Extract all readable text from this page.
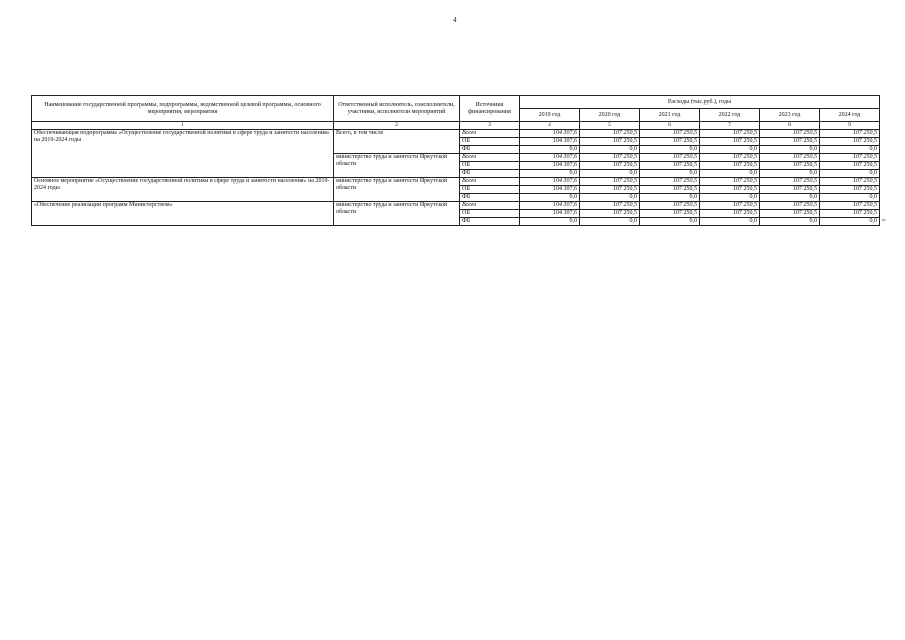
4
Наименование государственной программы, подпрограммы, ведомственной целевой программы, основного мероприятия, мероприятия	Ответственный исполнитель, соисполнители, участники, исполнители мероприятий	Источники финансирования	Расходы (тыс.руб.), годы					
			2019 год	2020 год	2021 год	2022 год	2023 год	2024 год
1	2	3	4	5	6	7	8	9
Обеспечивающая подпрограмма «Осуществление государственной политики в сфере труда и занятости населения» на 2019-2024 годы	Всего, в том числе	Всего	104 307,6	107 250,5	107 250,5	107 250,5	107 250,5	107 250,5
		ОБ	104 307,6	107 250,5	107 250,5	107 250,5	107 250,5	107 250,5
		ФБ	0,0	0,0	0,0	0,0	0,0	0,0
	министерство труда и занятости Иркутской области	Всего	104 307,6	107 250,5	107 250,5	107 250,5	107 250,5	107 250,5
		ОБ	104 307,6	107 250,5	107 250,5	107 250,5	107 250,5	107 250,5
		ФБ	0,0	0,0	0,0	0,0	0,0	0,0
Основное мероприятие «Осуществление государственной политики в сфере труда и занятости населения» на 2019-2024 годы	министерство труда и занятости Иркутской области	Всего	104 307,6	107 250,5	107 250,5	107 250,5	107 250,5	107 250,5
		ОБ	104 307,6	107 250,5	107 250,5	107 250,5	107 250,5	107 250,5
		ФБ	0,0	0,0	0,0	0,0	0,0	0,0
«Обеспечение реализации программ Министерством»	министерство труда и занятости Иркутской области	Всего	104 307,6	107 250,5	107 250,5	107 250,5	107 250,5	107 250,5
		ОБ	104 307,6	107 250,5	107 250,5	107 250,5	107 250,5	107 250,5
		ФБ	0,0	0,0	0,0	0,0	0,0	0,0 ».
